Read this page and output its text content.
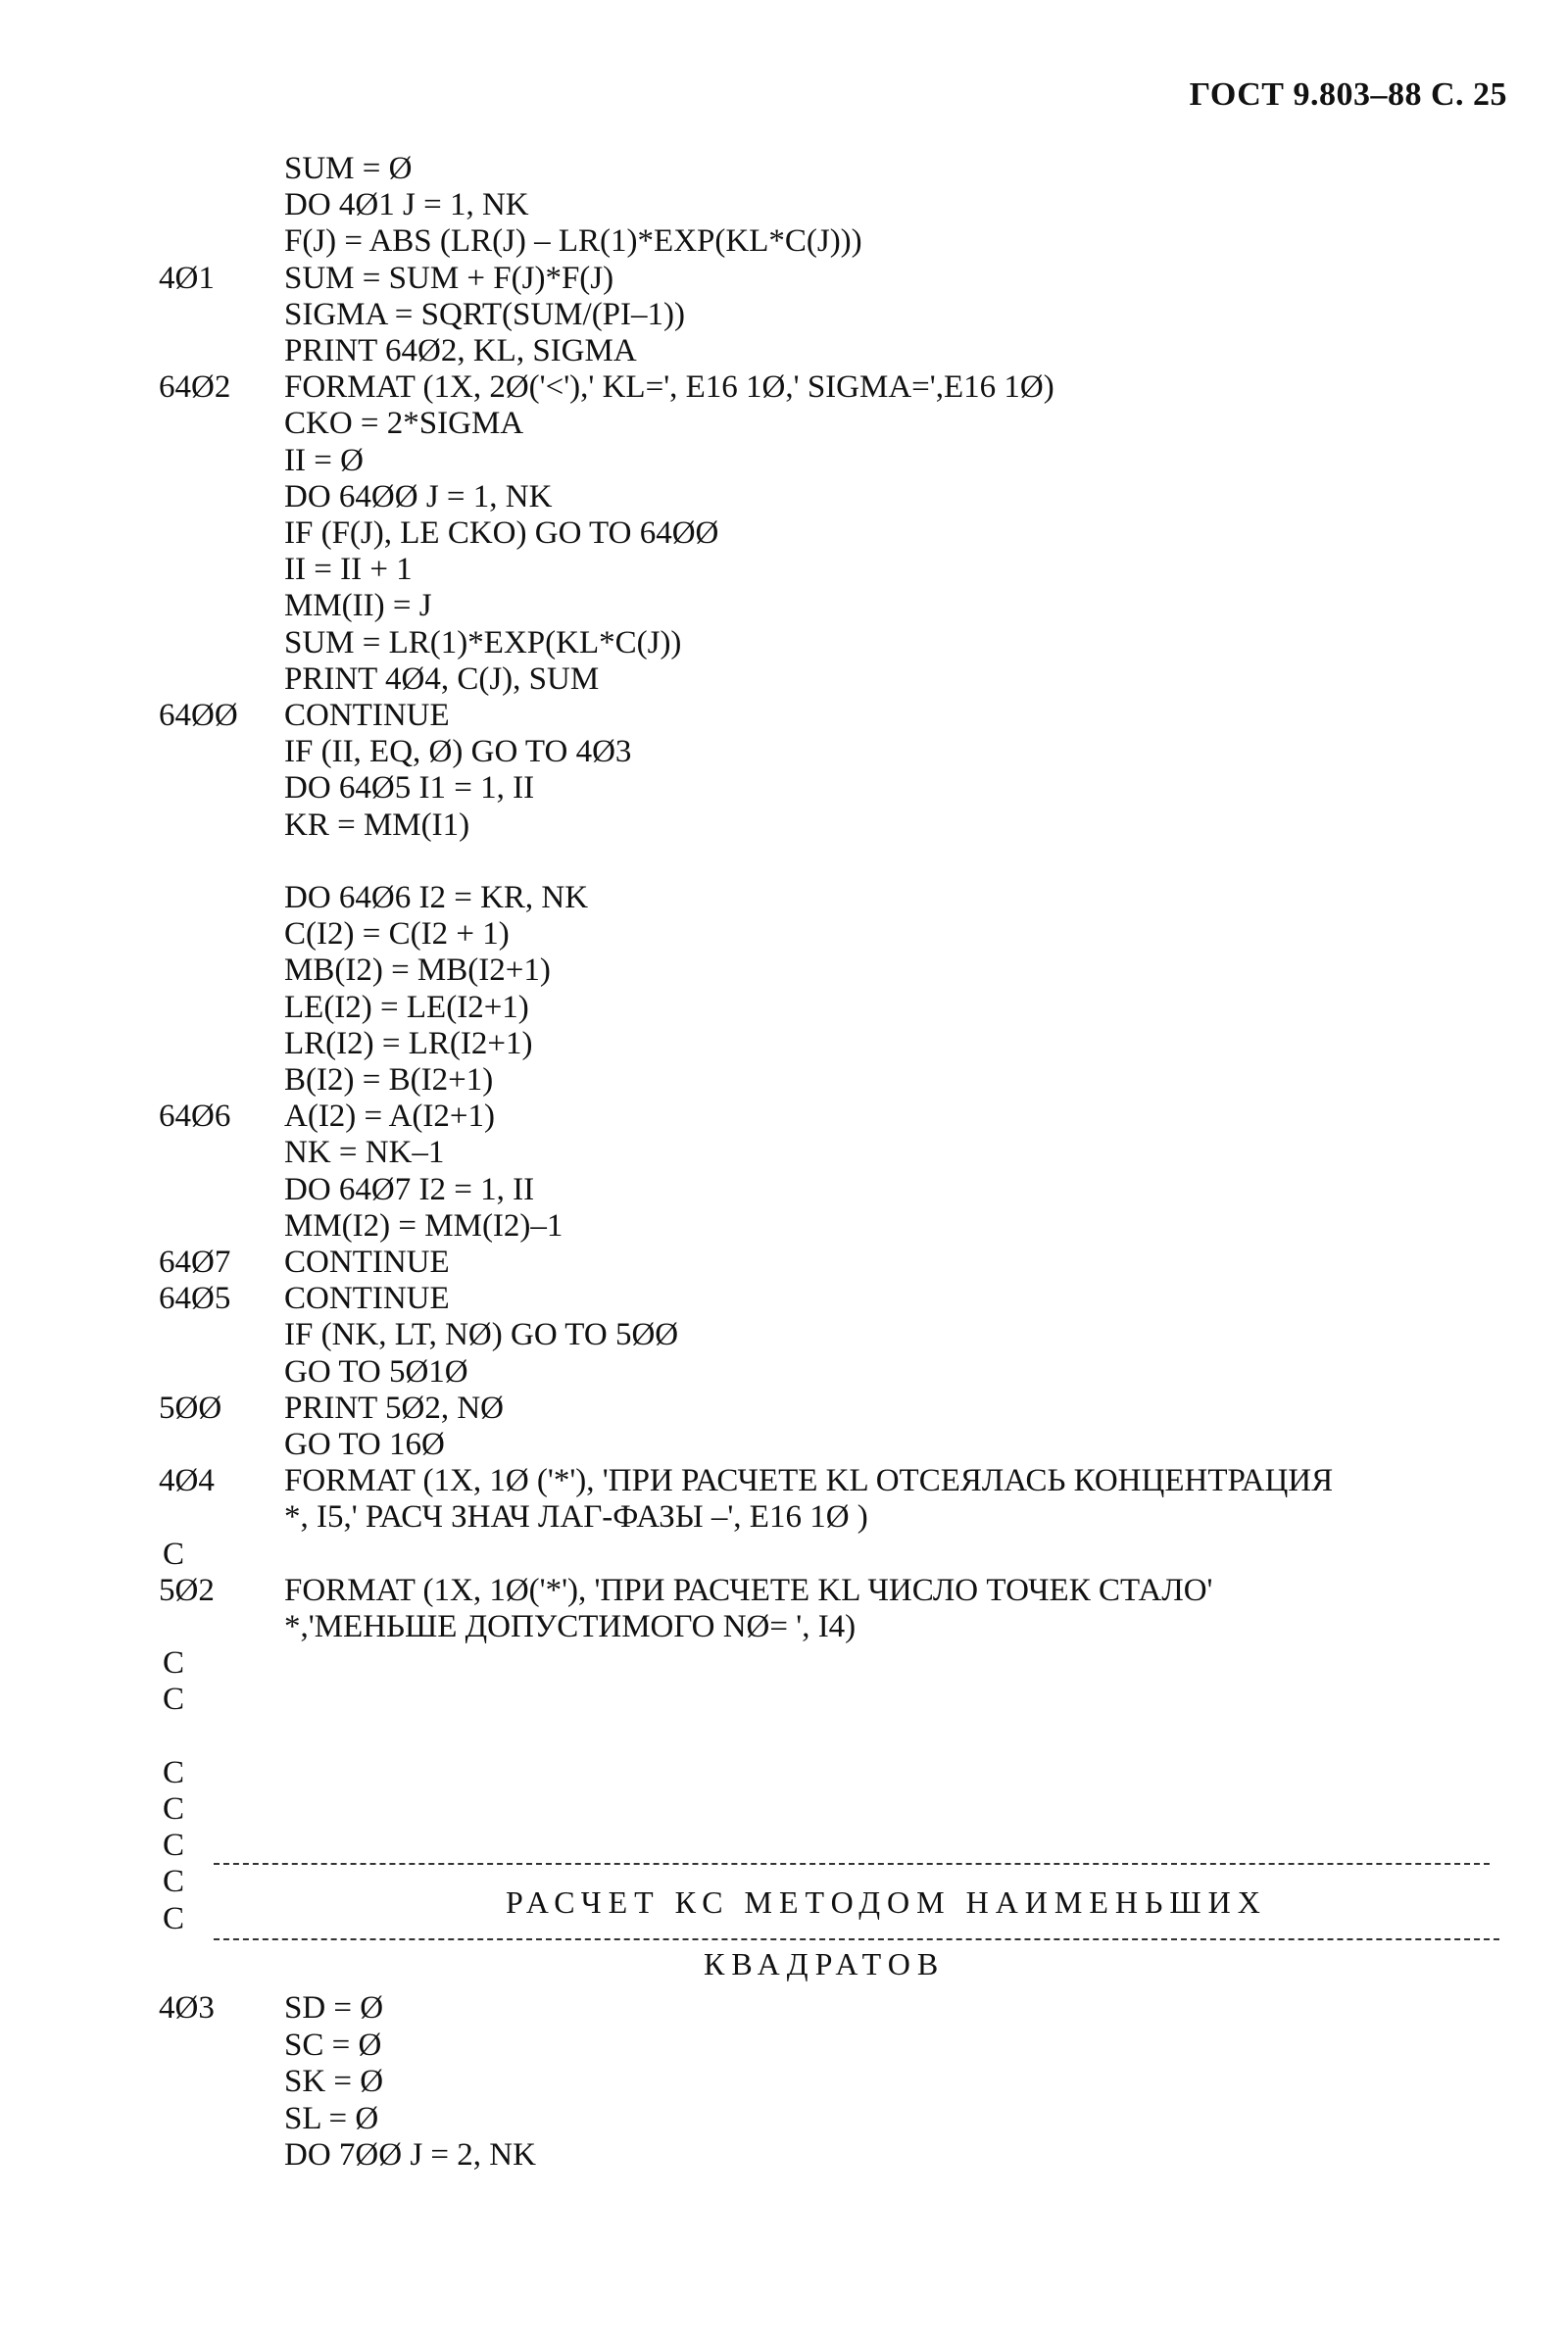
ГОСТ 9.803–88 С. 25
SUM = Ø
DO 4Ø1 J = 1, NK
F(J) = ABS (LR(J) – LR(1)*EXP(KL*C(J)))
4Ø1 SUM = SUM + F(J)*F(J)
SIGMA = SQRT(SUM/(PI–1))
PRINT 64Ø2, KL, SIGMA
64Ø2 FORMAT (1X, 2Ø('<'),' KL=', E16 1Ø,' SIGMA=',E16 1Ø)
CKO = 2*SIGMA
II = Ø
DO 64ØØ J = 1, NK
IF (F(J), LE CKO) GO TO 64ØØ
II = II + 1
MM(II) = J
SUM = LR(1)*EXP(KL*C(J))
PRINT 4Ø4, C(J), SUM
64ØØ CONTINUE
IF (II, EQ, Ø) GO TO 4Ø3
DO 64Ø5 I1 = 1, II
KR = MM(I1)
DO 64Ø6 I2 = KR, NK
C(I2) = C(I2 + 1)
MB(I2) = MB(I2+1)
LE(I2) = LE(I2+1)
LR(I2) = LR(I2+1)
B(I2) = B(I2+1)
64Ø6 A(I2) = A(I2+1)
NK = NK–1
DO 64Ø7 I2 = 1, II
MM(I2) = MM(I2)–1
64Ø7 CONTINUE
64Ø5 CONTINUE
IF (NK, LT, NØ) GO TO 5ØØ
GO TO 5Ø1Ø
5ØØ PRINT 5Ø2, NØ
GO TO 16Ø
4Ø4 FORMAT (1X, 1Ø ('*'), 'ПРИ РАСЧЕТЕ KL ОТСЕЯЛАСЬ КОНЦЕНТРАЦИЯ
*, I5,' РАСЧ ЗНАЧ ЛАГ-ФАЗЫ –', E16 1Ø )
C
5Ø2 FORMAT (1X, 1Ø('*'), 'ПРИ РАСЧЕТЕ KL ЧИСЛО ТОЧЕК СТАЛО'
*,'МЕНЬШЕ ДОПУСТИМОГО NØ= ', I4)
C
C
C
C
C
C
C
4Ø3 SD = Ø
SC = Ø
SK = Ø
SL = Ø
DO 7ØØ J = 2, NK
РАСЧЕТ КС МЕТОДОМ НАИМЕНЬШИХ
КВАДРАТОВ
